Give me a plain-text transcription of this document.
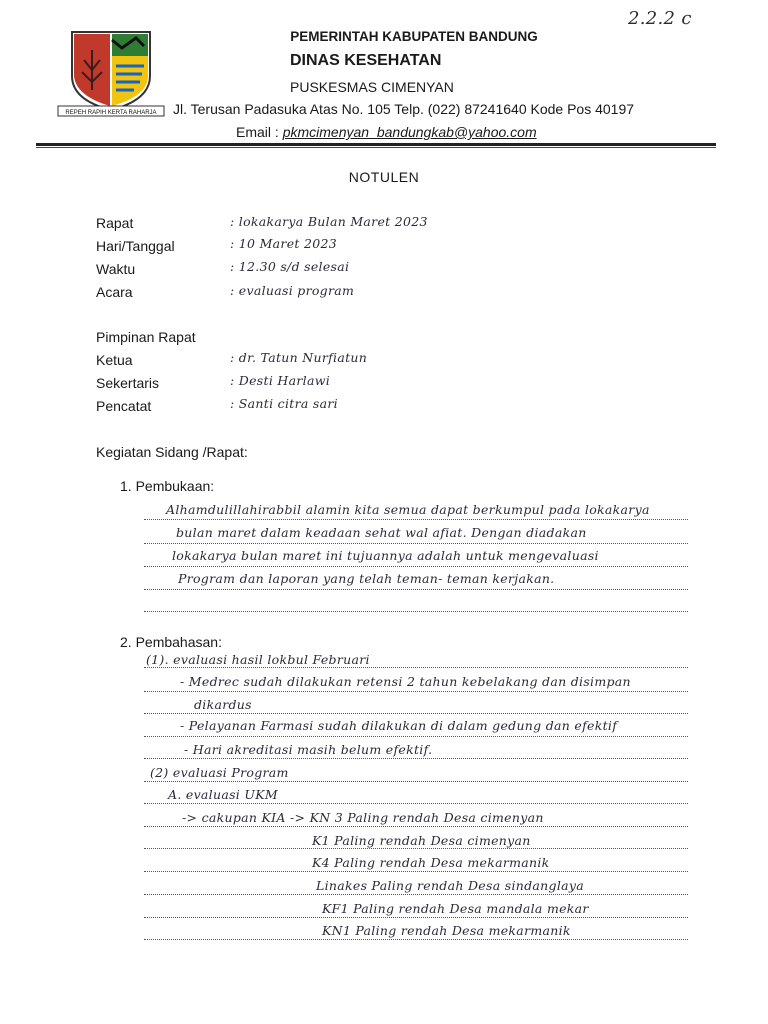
2.2.2 c
REPEH RAPIH KERTA RAHARJA
PEMERINTAH KABUPATEN BANDUNG
DINAS KESEHATAN
PUSKESMAS CIMENYAN
Jl. Terusan Padasuka Atas No. 105 Telp. (022) 87241640 Kode Pos 40197
Email : pkmcimenyan_bandungkab@yahoo.com
NOTULEN
Rapat	: lokakarya Bulan Maret 2023
Hari/Tanggal	: 10 Maret 2023
Waktu	: 12.30 s/d selesai
Acara	: evaluasi program
Pimpinan Rapat
Ketua	: dr. Tatun Nurfiatun
Sekertaris	: Desti Harlawi
Pencatat	: Santi citra sari
Kegiatan Sidang /Rapat:
1. Pembukaan:
Alhamdulillahirabbil alamin kita semua dapat berkumpul pada lokakarya
bulan maret dalam keadaan sehat wal afiat. Dengan diadakan
lokakarya bulan maret ini tujuannya adalah untuk mengevaluasi
Program dan laporan yang telah teman- teman kerjakan.
2. Pembahasan:
(1). evaluasi hasil lokbul Februari
- Medrec sudah dilakukan retensi 2 tahun kebelakang dan disimpan
dikardus
- Pelayanan Farmasi sudah dilakukan di dalam gedung dan efektif
- Hari akreditasi masih belum efektif.
(2) evaluasi Program
A. evaluasi UKM
-> cakupan KIA -> KN 3 Paling rendah Desa cimenyan
K1 Paling rendah Desa cimenyan
K4 Paling rendah Desa mekarmanik
Linakes Paling rendah Desa sindanglaya
KF1 Paling rendah Desa mandala mekar
KN1 Paling rendah Desa mekarmanik
